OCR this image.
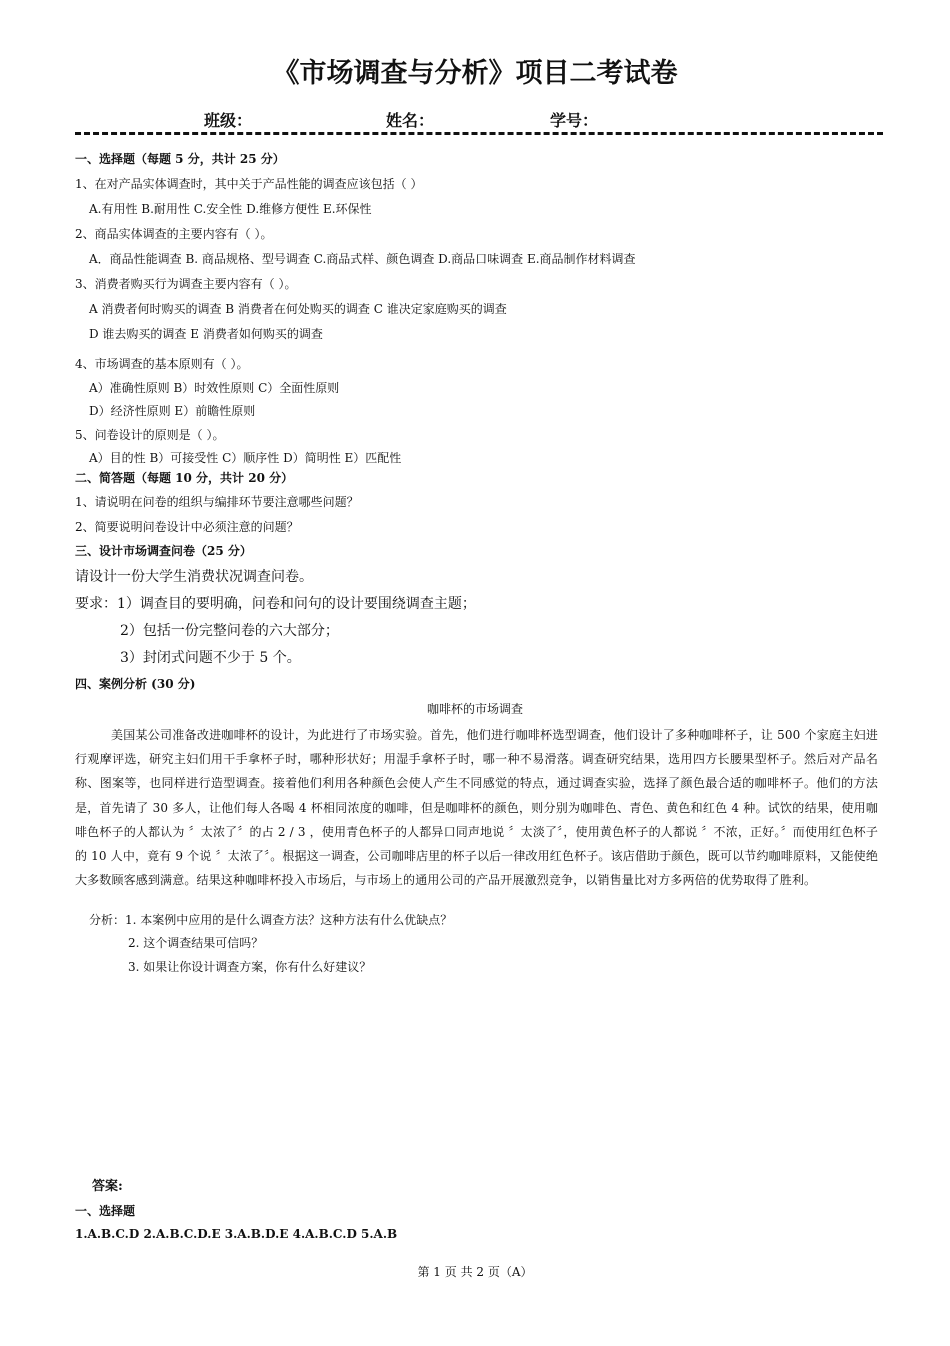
《市场调查与分析》项目二考试卷
班级：	姓名：	学号：
一、选择题（每题 5 分，共计 25 分）
1、在对产品实体调查时，其中关于产品性能的调查应该包括（ ）
A.有用性 B.耐用性 C.安全性 D.维修方便性 E.环保性
2、商品实体调查的主要内容有（ ）。
A．商品性能调查 B. 商品规格、型号调查 C.商品式样、颜色调查 D.商品口味调查 E.商品制作材料调查
3、消费者购买行为调查主要内容有（ ）。
A 消费者何时购买的调查 B 消费者在何处购买的调查 C 谁决定家庭购买的调查
D 谁去购买的调查 E 消费者如何购买的调查
4、市场调查的基本原则有（ ）。
A）准确性原则 B）时效性原则 C）全面性原则
D）经济性原则 E）前瞻性原则
5、问卷设计的原则是（ ）。
A）目的性 B）可接受性 C）顺序性 D）简明性 E）匹配性
二、简答题（每题 10 分，共计 20 分）
1、请说明在问卷的组织与编排环节要注意哪些问题？
2、简要说明问卷设计中必须注意的问题？
三、设计市场调查问卷（25 分）
请设计一份大学生消费状况调查问卷。
要求：1）调查目的要明确，问卷和问句的设计要围绕调查主题；
2）包括一份完整问卷的六大部分；
3）封闭式问题不少于 5 个。
四、案例分析 (30 分)
咖啡杯的市场调查

美国某公司准备改进咖啡杯的设计，为此进行了市场实验。首先，他们进行咖啡杯选型调查，他们设计了多种咖啡杯子，让 500 个家庭主妇进行观摩评选，研究主妇们用干手拿杯子时，哪种形状好；用湿手拿杯子时，哪一种不易滑落。调查研究结果，选用四方长腰果型杯子。然后对产品名称、图案等，也同样进行造型调查。接着他们利用各种颜色会使人产生不同感觉的特点，通过调查实验，选择了颜色最合适的咖啡杯子。他们的方法是，首先请了 30 多人，让他们每人各喝 4 杯相同浓度的咖啡，但是咖啡杯的颜色，则分别为咖啡色、青色、黄色和红色 4 种。试饮的结果，使用咖啡色杯子的人都认为 〞太浓了〞的占 2 / 3 ，使用青色杯子的人都异口同声地说 〞太淡了〞，使用黄色杯子的人都说 〞不浓，正好。〞而使用红色杯子的 10 人中，竟有 9 个说 〞太浓了〞。根据这一调查，公司咖啡店里的杯子以后一律改用红色杯子。该店借助于颜色，既可以节约咖啡原料，又能使绝大多数顾客感到满意。结果这种咖啡杯投入市场后，与市场上的通用公司的产品开展激烈竞争，以销售量比对方多两倍的优势取得了胜利。

分析：1. 本案例中应用的是什么调查方法？这种方法有什么优缺点？
2. 这个调查结果可信吗？
3. 如果让你设计调查方案，你有什么好建议？
答案:
一、选择题
1.A.B.C.D 2.A.B.C.D.E 3.A.B.D.E 4.A.B.C.D 5.A.B
第 1 页 共 2 页（A）
